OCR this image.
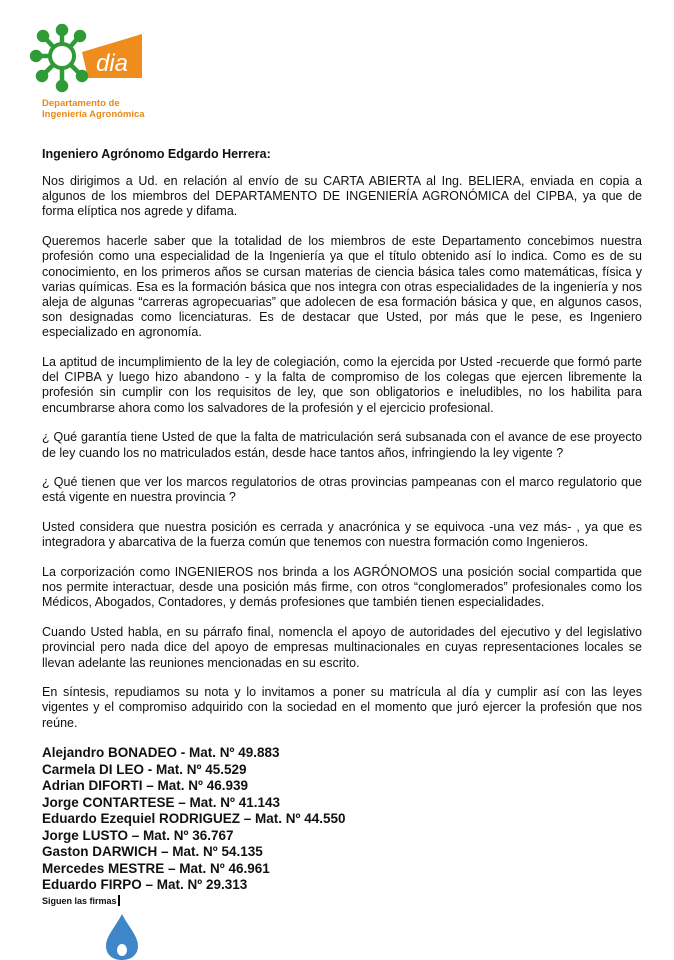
dia

Departamento de

Ingeniería Agronómica

Ingeniero Agrónomo Edgardo Herrera:

Nos dirigimos a Ud. en relación al envío de su CARTA ABIERTA al Ing. BELIERA, enviada en copia a algunos de los miembros del DEPARTAMENTO DE INGENIERÍA AGRONÓMICA del CIPBA, ya que de forma elíptica nos agrede y difama.

Queremos hacerle saber que la totalidad de los miembros de este Departamento concebimos nuestra profesión como una especialidad de la Ingeniería ya que el título obtenido así lo indica. Como es de su conocimiento, en los primeros años se cursan materias de ciencia básica tales como matemáticas, física y varias químicas. Esa es la formación básica que nos integra con otras especialidades de la ingeniería y nos aleja de algunas “carreras agropecuarias” que adolecen de esa formación básica y que, en algunos casos, son designadas como licenciaturas. Es de destacar que Usted, por más que le pese, es Ingeniero especializado en agronomía.

La aptitud de incumplimiento de la ley de colegiación, como la ejercida por Usted -recuerde que formó parte del CIPBA y luego hizo abandono - y la falta de compromiso de los colegas que ejercen libremente la profesión sin cumplir con los requisitos de ley, que son obligatorios e ineludibles, no los habilita para encumbrarse ahora como los salvadores de la profesión y el ejercicio profesional.

¿ Qué garantía tiene Usted de que la falta de matriculación será subsanada con el avance de ese proyecto de ley cuando los no matriculados están, desde hace tantos años, infringiendo la ley vigente ?

¿ Qué tienen que ver los marcos regulatorios de otras provincias pampeanas con el marco regulatorio que está vigente en nuestra provincia ?

Usted considera que nuestra posición es cerrada y anacrónica y se equivoca -una vez más- , ya que es integradora y abarcativa de la fuerza común que tenemos con nuestra formación como Ingenieros.

La corporización como INGENIEROS nos brinda a los AGRÓNOMOS una posición social compartida que nos permite interactuar, desde una posición más firme, con otros “conglomerados” profesionales como los Médicos, Abogados, Contadores, y demás profesiones que también tienen especialidades.

Cuando Usted habla, en su párrafo final, nomencla el apoyo de autoridades del ejecutivo y del legislativo provincial pero nada dice del apoyo de empresas multinacionales en cuyas representaciones locales se llevan adelante las reuniones mencionadas en su escrito.

En síntesis, repudiamos su nota y lo invitamos a poner su matrícula al día y cumplir así con las leyes vigentes y el compromiso adquirido con la sociedad en el momento que juró ejercer la profesión que nos reúne.

Alejandro BONADEO - Mat. Nº 49.883

Carmela DI LEO - Mat. Nº 45.529

Adrian DIFORTI – Mat. Nº 46.939

Jorge CONTARTESE – Mat. Nº 41.143

Eduardo Ezequiel RODRIGUEZ – Mat. Nº 44.550

Jorge LUSTO – Mat. Nº 36.767

Gaston DARWICH – Mat. Nº 54.135

Mercedes MESTRE – Mat. Nº 46.961

Eduardo FIRPO – Mat. Nº 29.313

Siguen las firmas
